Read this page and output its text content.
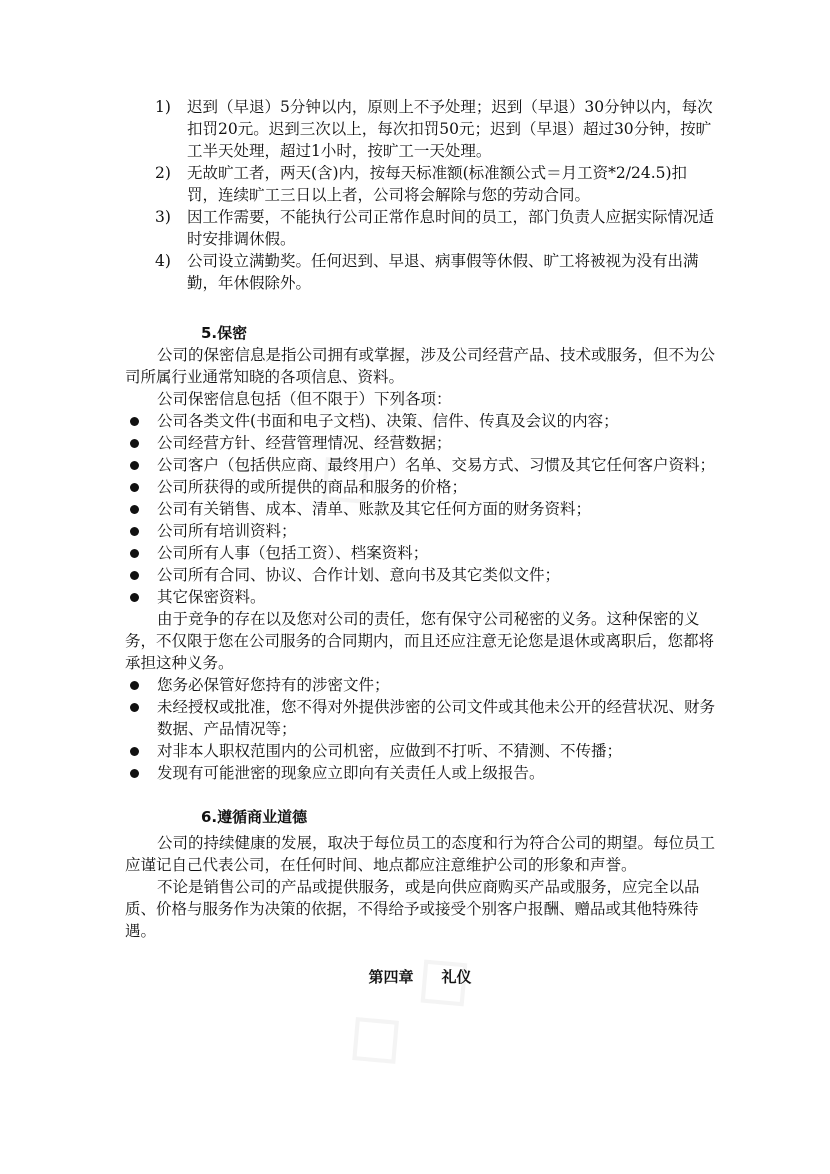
1) 迟到（早退）5分钟以内，原则上不予处理；迟到（早退）30分钟以内，每次扣罚20元。迟到三次以上，每次扣罚50元；迟到（早退）超过30分钟，按旷工半天处理，超过1小时，按旷工一天处理。
2) 无故旷工者，两天(含)内，按每天标准额(标准额公式＝月工资*2/24.5)扣罚，连续旷工三日以上者，公司将会解除与您的劳动合同。
3) 因工作需要，不能执行公司正常作息时间的员工，部门负责人应据实际情况适时安排调休假。
4) 公司设立满勤奖。任何迟到、早退、病事假等休假、旷工将被视为没有出满勤，年休假除外。
5.保密
公司的保密信息是指公司拥有或掌握，涉及公司经营产品、技术或服务，但不为公司所属行业通常知晓的各项信息、资料。
公司保密信息包括（但不限于）下列各项：
公司各类文件(书面和电子文档)、决策、信件、传真及会议的内容；
公司经营方针、经营管理情况、经营数据；
公司客户（包括供应商、最终用户）名单、交易方式、习惯及其它任何客户资料；
公司所获得的或所提供的商品和服务的价格；
公司有关销售、成本、清单、账款及其它任何方面的财务资料；
公司所有培训资料；
公司所有人事（包括工资）、档案资料；
公司所有合同、协议、合作计划、意向书及其它类似文件；
其它保密资料。
由于竞争的存在以及您对公司的责任，您有保守公司秘密的义务。这种保密的义务，不仅限于您在公司服务的合同期内，而且还应注意无论您是退休或离职后，您都将承担这种义务。
您务必保管好您持有的涉密文件；
未经授权或批准，您不得对外提供涉密的公司文件或其他未公开的经营状况、财务数据、产品情况等；
对非本人职权范围内的公司机密，应做到不打听、不猜测、不传播；
发现有可能泄密的现象应立即向有关责任人或上级报告。
6.遵循商业道德
公司的持续健康的发展，取决于每位员工的态度和行为符合公司的期望。每位员工应谨记自己代表公司，在任何时间、地点都应注意维护公司的形象和声誉。
不论是销售公司的产品或提供服务，或是向供应商购买产品或服务，应完全以品质、价格与服务作为决策的依据，不得给予或接受个别客户报酬、赠品或其他特殊待遇。
第四章 礼仪
